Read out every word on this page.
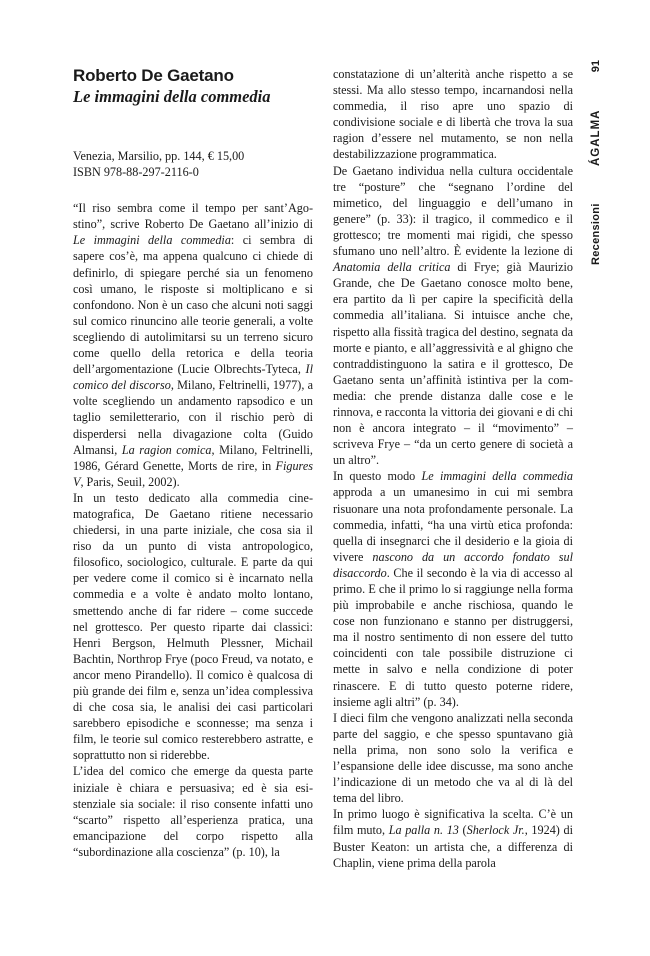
Recensioni
ÁGALMA
91
Roberto De Gaetano
Le immagini della commedia
Venezia, Marsilio, pp. 144, € 15,00
ISBN 978-88-297-2116-0

“Il riso sembra come il tempo per sant’Agostino”, scrive Roberto De Gaetano all’inizio di Le immagini della commedia: ci sembra di sapere cos’è, ma appena qualcuno ci chiede di definirlo, di spiegare perché sia un fenomeno così umano, le risposte si moltiplicano e si confondono. Non è un caso che alcuni noti saggi sul comico rinuncino alle teorie generali, a volte scegliendo di autolimitarsi su un terreno sicuro come quello della retorica e della teoria dell’argomentazione (Lucie Olbrechts-Tyteca, Il comico del discorso, Milano, Feltrinelli, 1977), a volte scegliendo un andamento rapsodico e un taglio semiletterario, con il rischio però di disperdersi nella divagazione colta (Guido Almansi, La ragion comica, Milano, Feltrinelli, 1986, Gérard Genette, Morts de rire, in Figures V, Paris, Seuil, 2002).

In un testo dedicato alla commedia cinematografica, De Gaetano ritiene necessario chiedersi, in una parte iniziale, che cosa sia il riso da un punto di vista antropologico, filosofico, sociologico, culturale. E parte da qui per vedere come il comico si è incarnato nella commedia e a volte è andato molto lontano, smettendo anche di far ridere – come succede nel grottesco. Per questo riparte dai classici: Henri Bergson, Helmuth Plessner, Michail Bachtin, Northrop Frye (poco Freud, va notato, e ancor meno Pirandello). Il comico è qualcosa di più grande dei film e, senza un’idea complessiva di che cosa sia, le analisi dei casi particolari sarebbero episodiche e sconnesse; ma senza i film, le teorie sul comico resterebbero astratte, e soprattutto non si riderebbe.

L’idea del comico che emerge da questa parte iniziale è chiara e persuasiva; ed è sia esistenziale sia sociale: il riso consente infatti uno “scarto” rispetto all’esperienza pratica, una emancipazione del corpo rispetto alla “subordinazione alla coscienza” (p. 10), la

constatazione di un’alterità anche rispetto a se stessi. Ma allo stesso tempo, incarnandosi nella commedia, il riso apre uno spazio di condivisione sociale e di libertà che trova la sua ragion d’essere nel mutamento, se non nella destabilizzazione programmatica.

De Gaetano individua nella cultura occidentale tre “posture” che “segnano l’ordine del mimetico, del linguaggio e dell’umano in genere” (p. 33): il tragico, il commedico e il grottesco; tre momenti mai rigidi, che spesso sfumano uno nell’altro. È evidente la lezione di Anatomia della critica di Frye; già Maurizio Grande, che De Gaetano conosce molto bene, era partito da lì per capire la specificità della commedia all’italiana. Si intuisce anche che, rispetto alla fissità tragica del destino, segnata da morte e pianto, e all’aggressività e al ghigno che contraddistinguono la satira e il grottesco, De Gaetano senta un’affinità istintiva per la commedia: che prende distanza dalle cose e le rinnova, e racconta la vittoria dei giovani e di chi non è ancora integrato – il “movimento” – scriveva Frye – “da un certo genere di società a un altro”.

In questo modo Le immagini della commedia approda a un umanesimo in cui mi sembra risuonare una nota profondamente personale. La commedia, infatti, “ha una virtù etica profonda: quella di insegnarci che il desiderio e la gioia di vivere nascono da un accordo fondato sul disaccordo. Che il secondo è la via di accesso al primo. E che il primo lo si raggiunge nella forma più improbabile e anche rischiosa, quando le cose non funzionano e stanno per distruggersi, ma il nostro sentimento di non essere del tutto coincidenti con tale possibile distruzione ci mette in salvo e nella condizione di poter rinascere. E di tutto questo poterne ridere, insieme agli altri” (p. 34).

I dieci film che vengono analizzati nella seconda parte del saggio, e che spesso spuntavano già nella prima, non sono solo la verifica e l’espansione delle idee discusse, ma sono anche l’indicazione di un metodo che va al di là del tema del libro.

In primo luogo è significativa la scelta. C’è un film muto, La palla n. 13 (Sherlock Jr., 1924) di Buster Keaton: un artista che, a differenza di Chaplin, viene prima della parola
